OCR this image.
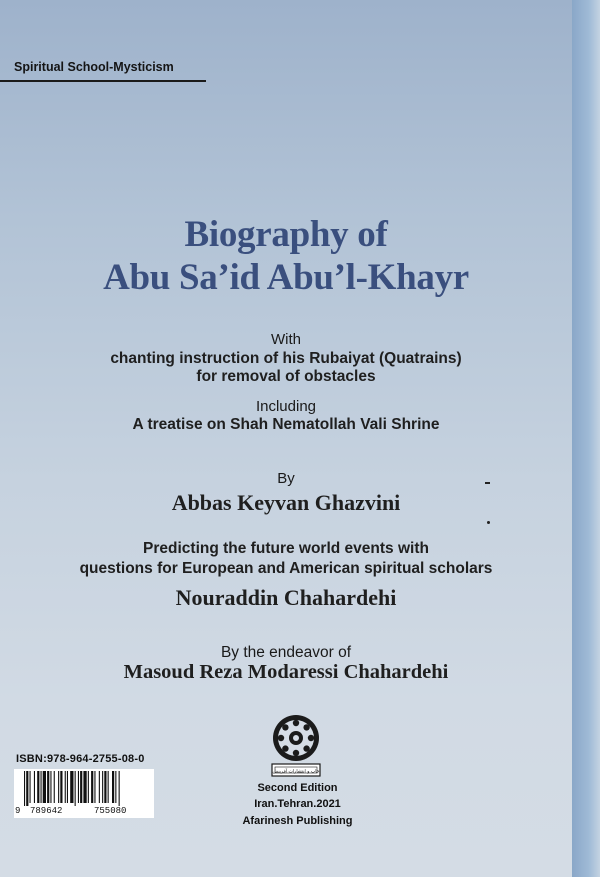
Spiritual School-Mysticism
Biography of
Abu Sa’id Abu’l-Khayr
With
chanting instruction of his Rubaiyat (Quatrains)
for removal of obstacles
Including
A treatise on Shah Nematollah Vali Shrine
By
Abbas Keyvan Ghazvini
Predicting the future world events with
questions for European and American spiritual scholars
Nouraddin Chahardehi
By the endeavor of
Masoud Reza Modaressi Chahardehi
چاپ و انتشارات آفرینش
Second Edition
Iran.Tehran.2021
Afarinesh Publishing
ISBN:978-964-2755-08-0
9 789642	755080
